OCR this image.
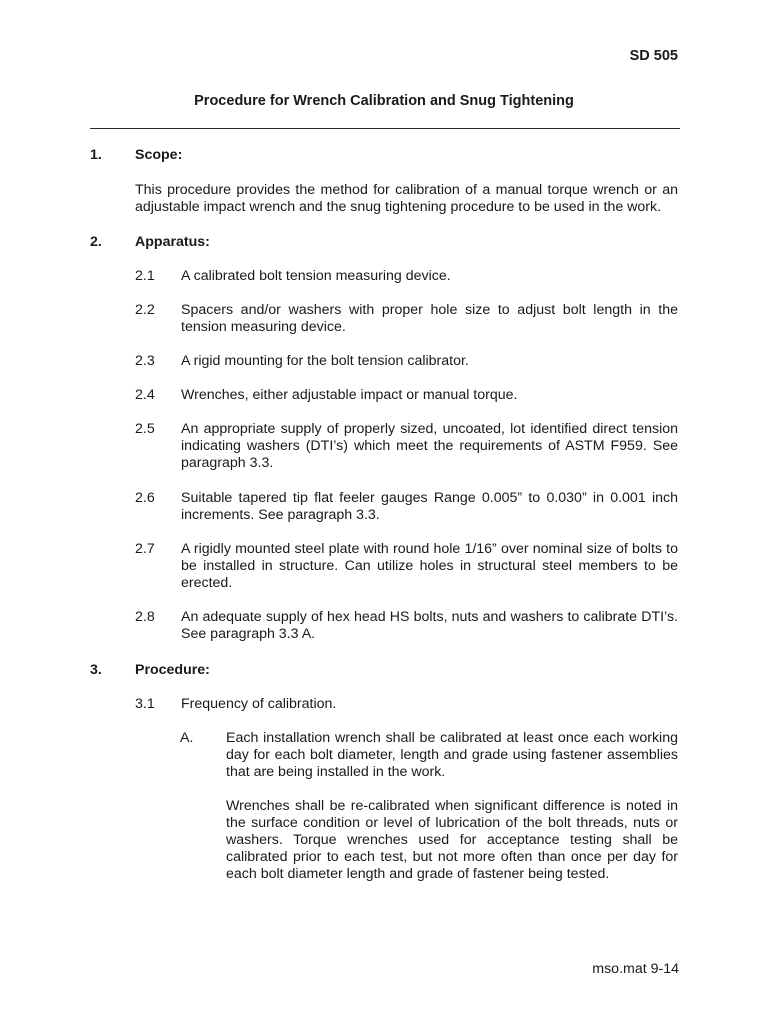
SD 505
Procedure for Wrench Calibration and Snug Tightening
1. Scope:
This procedure provides the method for calibration of a manual torque wrench or an adjustable impact wrench and the snug tightening procedure to be used in the work.
2. Apparatus:
2.1 A calibrated bolt tension measuring device.
2.2 Spacers and/or washers with proper hole size to adjust bolt length in the tension measuring device.
2.3 A rigid mounting for the bolt tension calibrator.
2.4 Wrenches, either adjustable impact or manual torque.
2.5 An appropriate supply of properly sized, uncoated, lot identified direct tension indicating washers (DTI’s) which meet the requirements of ASTM F959. See paragraph 3.3.
2.6 Suitable tapered tip flat feeler gauges Range 0.005” to 0.030” in 0.001 inch increments. See paragraph 3.3.
2.7 A rigidly mounted steel plate with round hole 1/16” over nominal size of bolts to be installed in structure. Can utilize holes in structural steel members to be erected.
2.8 An adequate supply of hex head HS bolts, nuts and washers to calibrate DTI’s. See paragraph 3.3 A.
3. Procedure:
3.1 Frequency of calibration.
A. Each installation wrench shall be calibrated at least once each working day for each bolt diameter, length and grade using fastener assemblies that are being installed in the work.
Wrenches shall be re-calibrated when significant difference is noted in the surface condition or level of lubrication of the bolt threads, nuts or washers. Torque wrenches used for acceptance testing shall be calibrated prior to each test, but not more often than once per day for each bolt diameter length and grade of fastener being tested.
mso.mat 9-14
